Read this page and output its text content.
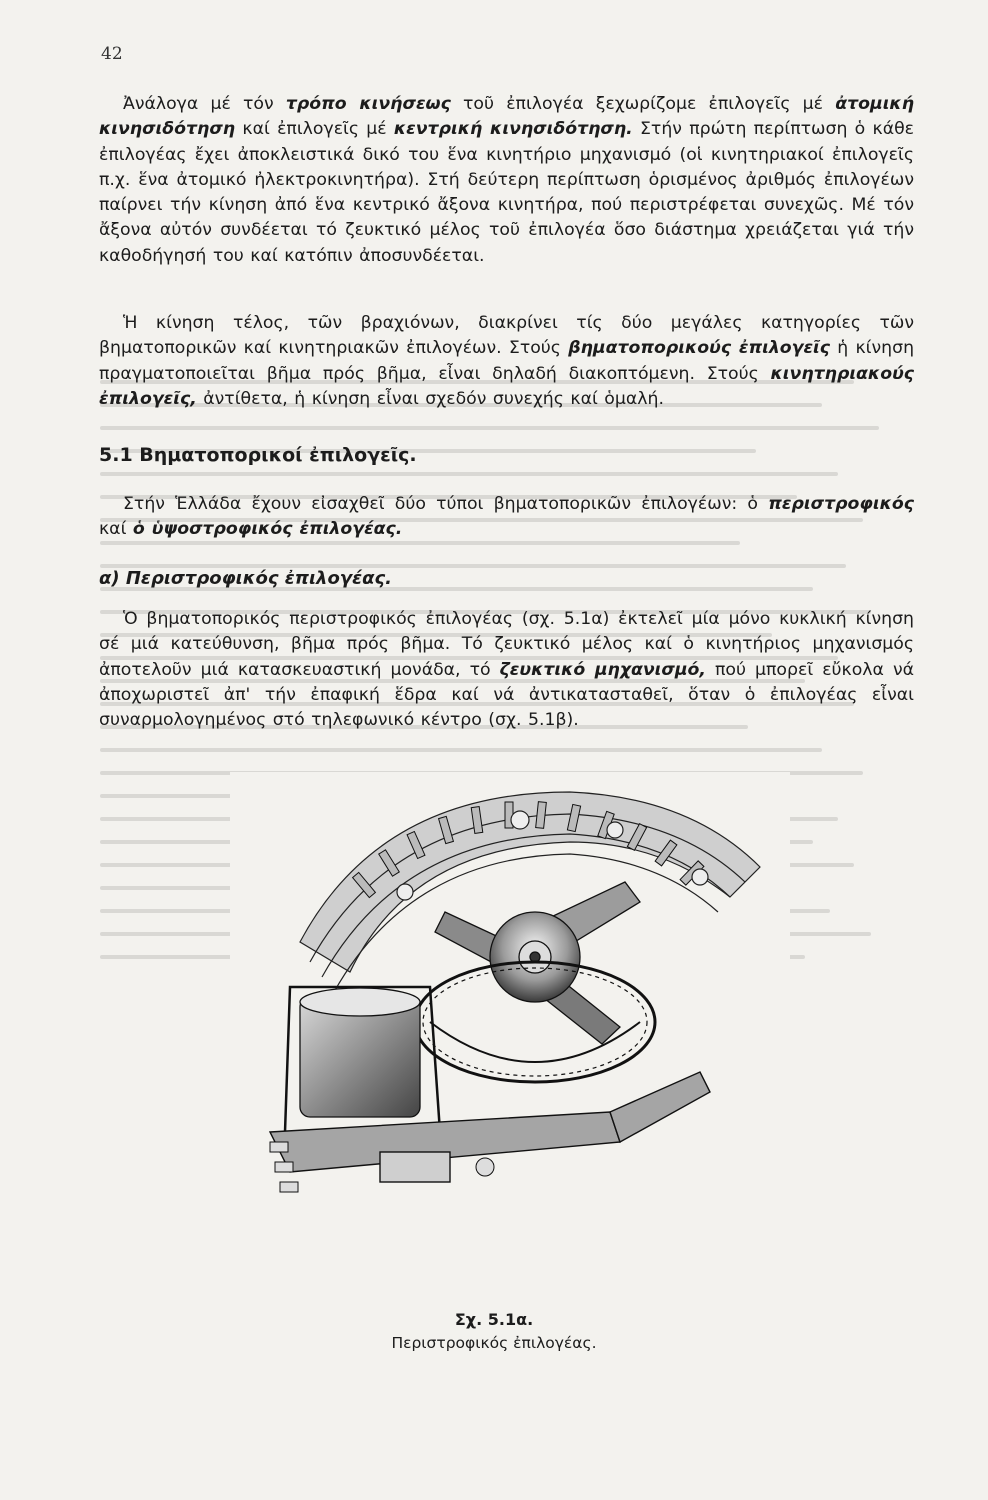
42

Ἀνάλογα μέ τόν τρόπο κινήσεως τοῦ ἐπιλογέα ξεχωρίζομε ἐπιλογεῖς μέ ἀτομική κινησιδότηση καί ἐπιλογεῖς μέ κεντρική κινησιδότηση. Στήν πρώτη περίπτωση ὁ κάθε ἐπιλογέας ἔχει ἀποκλειστικά δικό του ἕνα κινητήριο μηχανισμό (οἱ κινητηριακοί ἐπιλογεῖς π.χ. ἕνα ἀτομικό ἠλεκτροκινητήρα). Στή δεύτερη περίπτωση ὁρισμένος ἀριθμός ἐπιλογέων παίρνει τήν κίνηση ἀπό ἕνα κεντρικό ἄξονα κινητήρα, πού περιστρέφεται συνεχῶς. Μέ τόν ἄξονα αὐτόν συνδέεται τό ζευκτικό μέλος τοῦ ἐπιλογέα ὅσο διάστημα χρειάζεται γιά τήν καθοδήγησή του καί κατόπιν ἀποσυνδέεται.

Ἡ κίνηση τέλος, τῶν βραχιόνων, διακρίνει τίς δύο μεγάλες κατηγορίες τῶν βηματοπορικῶν καί κινητηριακῶν ἐπιλογέων. Στούς βηματοπορικούς ἐπιλογεῖς ἡ κίνηση πραγματοποιεῖται βῆμα πρός βῆμα, εἶναι δηλαδή διακοπτόμενη. Στούς κινητηριακούς ἐπιλογεῖς, ἀντίθετα, ἡ κίνηση εἶναι σχεδόν συνεχής καί ὁμαλή.

5.1 Βηματοπορικοί ἐπιλογεῖς.

Στήν Ἑλλάδα ἔχουν εἰσαχθεῖ δύο τύποι βηματοπορικῶν ἐπιλογέων: ὁ περιστροφικός καί ὁ ὑψοστροφικός ἐπιλογέας.

α) Περιστροφικός ἐπιλογέας.

Ὁ βηματοπορικός περιστροφικός ἐπιλογέας (σχ. 5.1α) ἐκτελεῖ μία μόνο κυκλική κίνηση σέ μιά κατεύθυνση, βῆμα πρός βῆμα. Τό ζευκτικό μέλος καί ὁ κινητήριος μηχανισμός ἀποτελοῦν μιά κατασκευαστική μονάδα, τό ζευκτικό μηχανισμό, πού μπορεῖ εὔκολα νά ἀποχωριστεῖ ἀπ' τήν ἐπαφική ἕδρα καί νά ἀντικατασταθεῖ, ὅταν ὁ ἐπιλογέας εἶναι συναρμολογημένος στό τηλεφωνικό κέντρο (σχ. 5.1β).

Σχ. 5.1α.

Περιστροφικός ἐπιλογέας.
